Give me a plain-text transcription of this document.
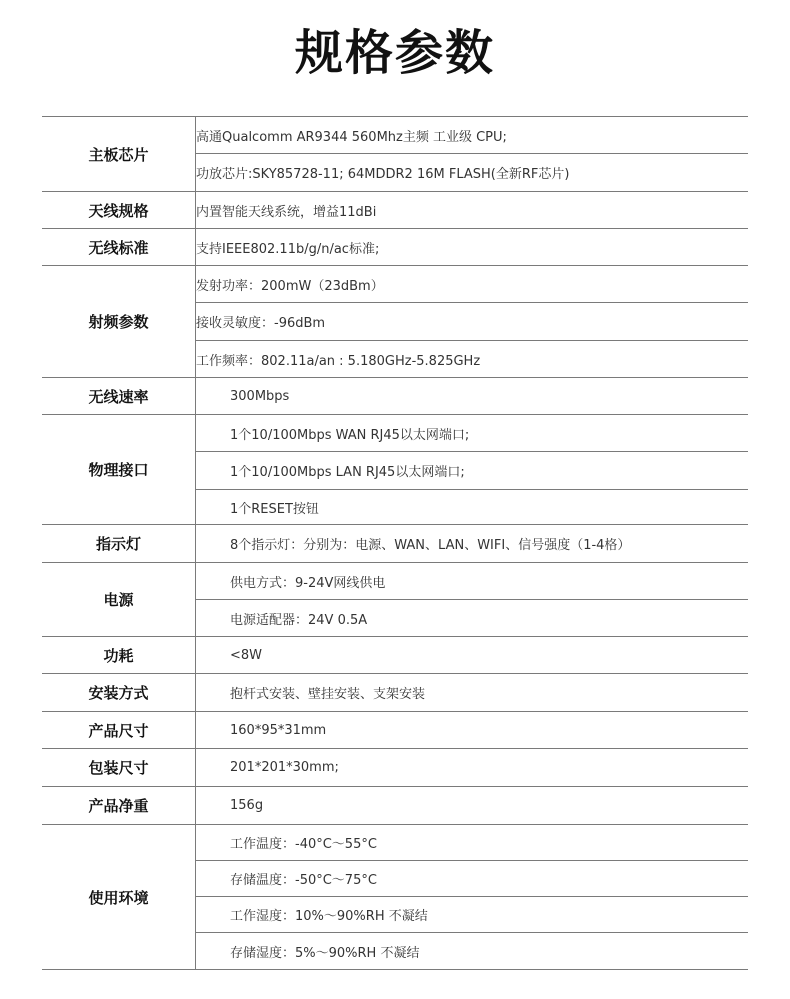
规格参数
主板芯片	高通Qualcomm AR9344 560Mhz主频 工业级 CPU;
	功放芯片:SKY85728-11; 64MDDR2 16M FLASH(全新RF芯片)
天线规格	内置智能天线系统，增益11dBi
无线标准	支持IEEE802.11b/g/n/ac标准;
射频参数	发射功率：200mW（23dBm）
	接收灵敏度：-96dBm
	工作频率：802.11a/an : 5.180GHz-5.825GHz
无线速率	300Mbps
物理接口	1个10/100Mbps WAN RJ45以太网端口;
	1个10/100Mbps LAN RJ45以太网端口;
	1个RESET按钮
指示灯	8个指示灯：分别为：电源、WAN、LAN、WIFI、信号强度（1-4格）
电源	供电方式：9-24V网线供电
	电源适配器：24V 0.5A
功耗	<8W
安装方式	抱杆式安装、壁挂安装、支架安装
产品尺寸	160*95*31mm
包装尺寸	201*201*30mm;
产品净重	156g
使用环境	工作温度：-40°C～55°C
	存储温度：-50°C～75°C
	工作湿度：10%～90%RH 不凝结
	存储湿度：5%～90%RH 不凝结
